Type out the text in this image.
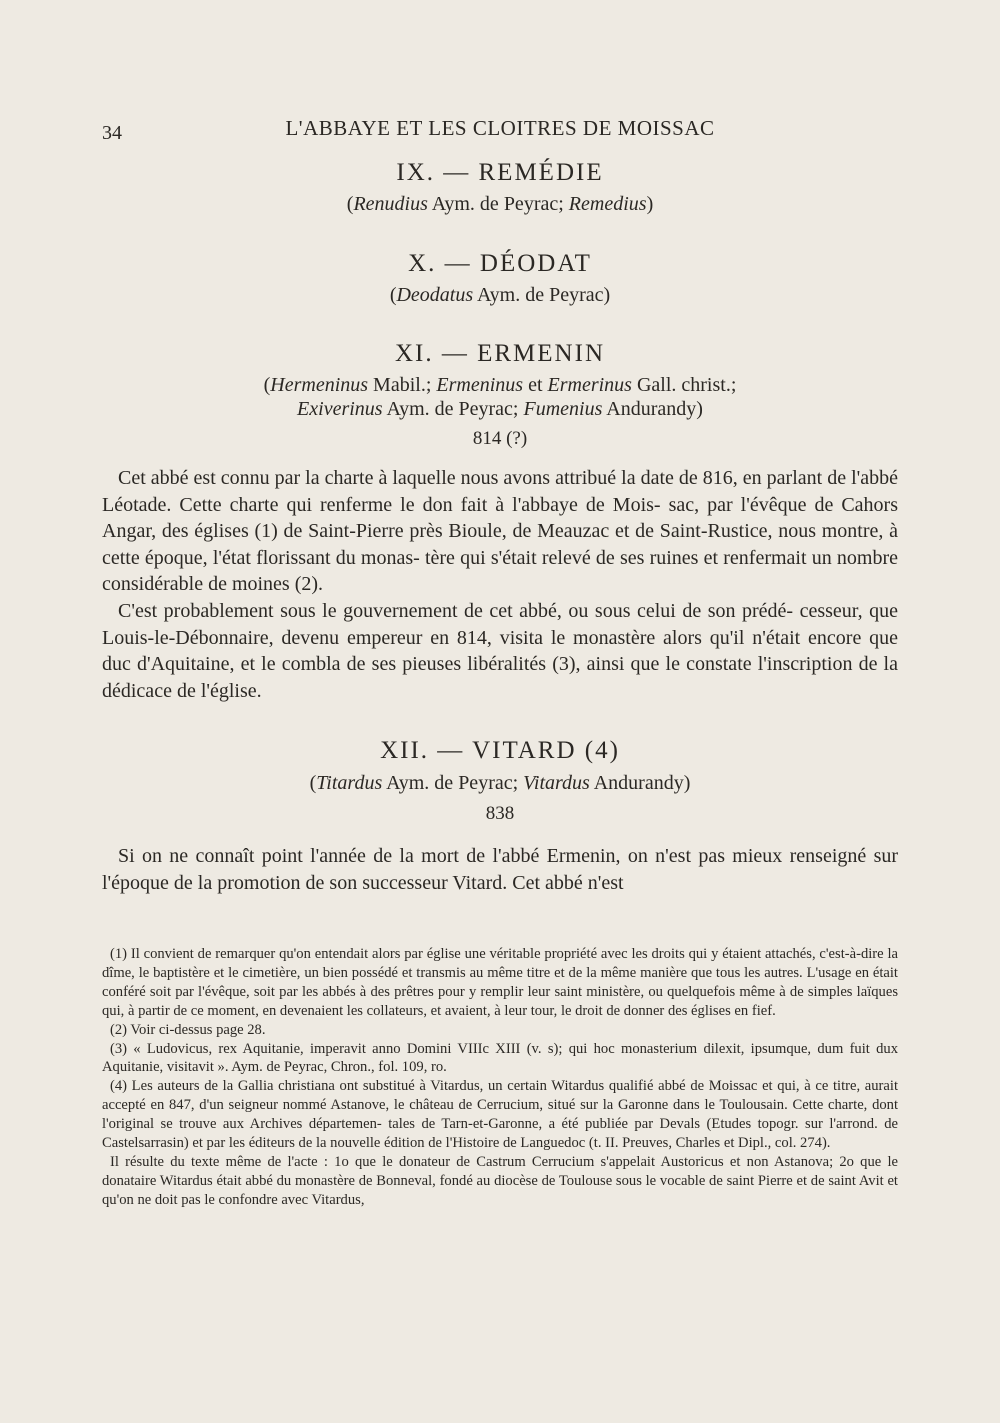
34	L'ABBAYE ET LES CLOITRES DE MOISSAC
IX. — REMÉDIE
(Renudius Aym. de Peyrac; Remedius)
X. — DÉODAT
(Deodatus Aym. de Peyrac)
XI. — ERMENIN
(Hermeninus Mabil.; Ermeninus et Ermerinus Gall. christ.;
Exiverinus Aym. de Peyrac; Fumenius Andurandy)
814 (?)
Cet abbé est connu par la charte à laquelle nous avons attribué la date de 816, en parlant de l'abbé Léotade. Cette charte qui renferme le don fait à l'abbaye de Mois- sac, par l'évêque de Cahors Angar, des églises (1) de Saint-Pierre près Bioule, de Meauzac et de Saint-Rustice, nous montre, à cette époque, l'état florissant du monas- tère qui s'était relevé de ses ruines et renfermait un nombre considérable de moines (2).
C'est probablement sous le gouvernement de cet abbé, ou sous celui de son prédé- cesseur, que Louis-le-Débonnaire, devenu empereur en 814, visita le monastère alors qu'il n'était encore que duc d'Aquitaine, et le combla de ses pieuses libéralités (3), ainsi que le constate l'inscription de la dédicace de l'église.
XII. — VITARD (4)
(Titardus Aym. de Peyrac; Vitardus Andurandy)
838
Si on ne connaît point l'année de la mort de l'abbé Ermenin, on n'est pas mieux renseigné sur l'époque de la promotion de son successeur Vitard. Cet abbé n'est

(1) Il convient de remarquer qu'on entendait alors par église une véritable propriété avec les droits qui y étaient attachés, c'est-à-dire la dîme, le baptistère et le cimetière, un bien possédé et transmis au même titre et de la même manière que tous les autres. L'usage en était conféré soit par l'évêque, soit par les abbés à des prêtres pour y remplir leur saint ministère, ou quelquefois même à de simples laïques qui, à partir de ce moment, en devenaient les collateurs, et avaient, à leur tour, le droit de donner des églises en fief.

(2) Voir ci-dessus page 28.

(3) « Ludovicus, rex Aquitanie, imperavit anno Domini VIIIc XIII (v. s); qui hoc monasterium dilexit, ipsumque, dum fuit dux Aquitanie, visitavit ». Aym. de Peyrac, Chron., fol. 109, ro.

(4) Les auteurs de la Gallia christiana ont substitué à Vitardus, un certain Witardus qualifié abbé de Moissac et qui, à ce titre, aurait accepté en 847, d'un seigneur nommé Astanove, le château de Cerrucium, situé sur la Garonne dans le Toulousain. Cette charte, dont l'original se trouve aux Archives départemen- tales de Tarn-et-Garonne, a été publiée par Devals (Etudes topogr. sur l'arrond. de Castelsarrasin) et par les éditeurs de la nouvelle édition de l'Histoire de Languedoc (t. II. Preuves, Charles et Dipl., col. 274).
Il résulte du texte même de l'acte : 1o que le donateur de Castrum Cerrucium s'appelait Austoricus et non Astanova; 2o que le donataire Witardus était abbé du monastère de Bonneval, fondé au diocèse de Toulouse sous le vocable de saint Pierre et de saint Avit et qu'on ne doit pas le confondre avec Vitardus,
